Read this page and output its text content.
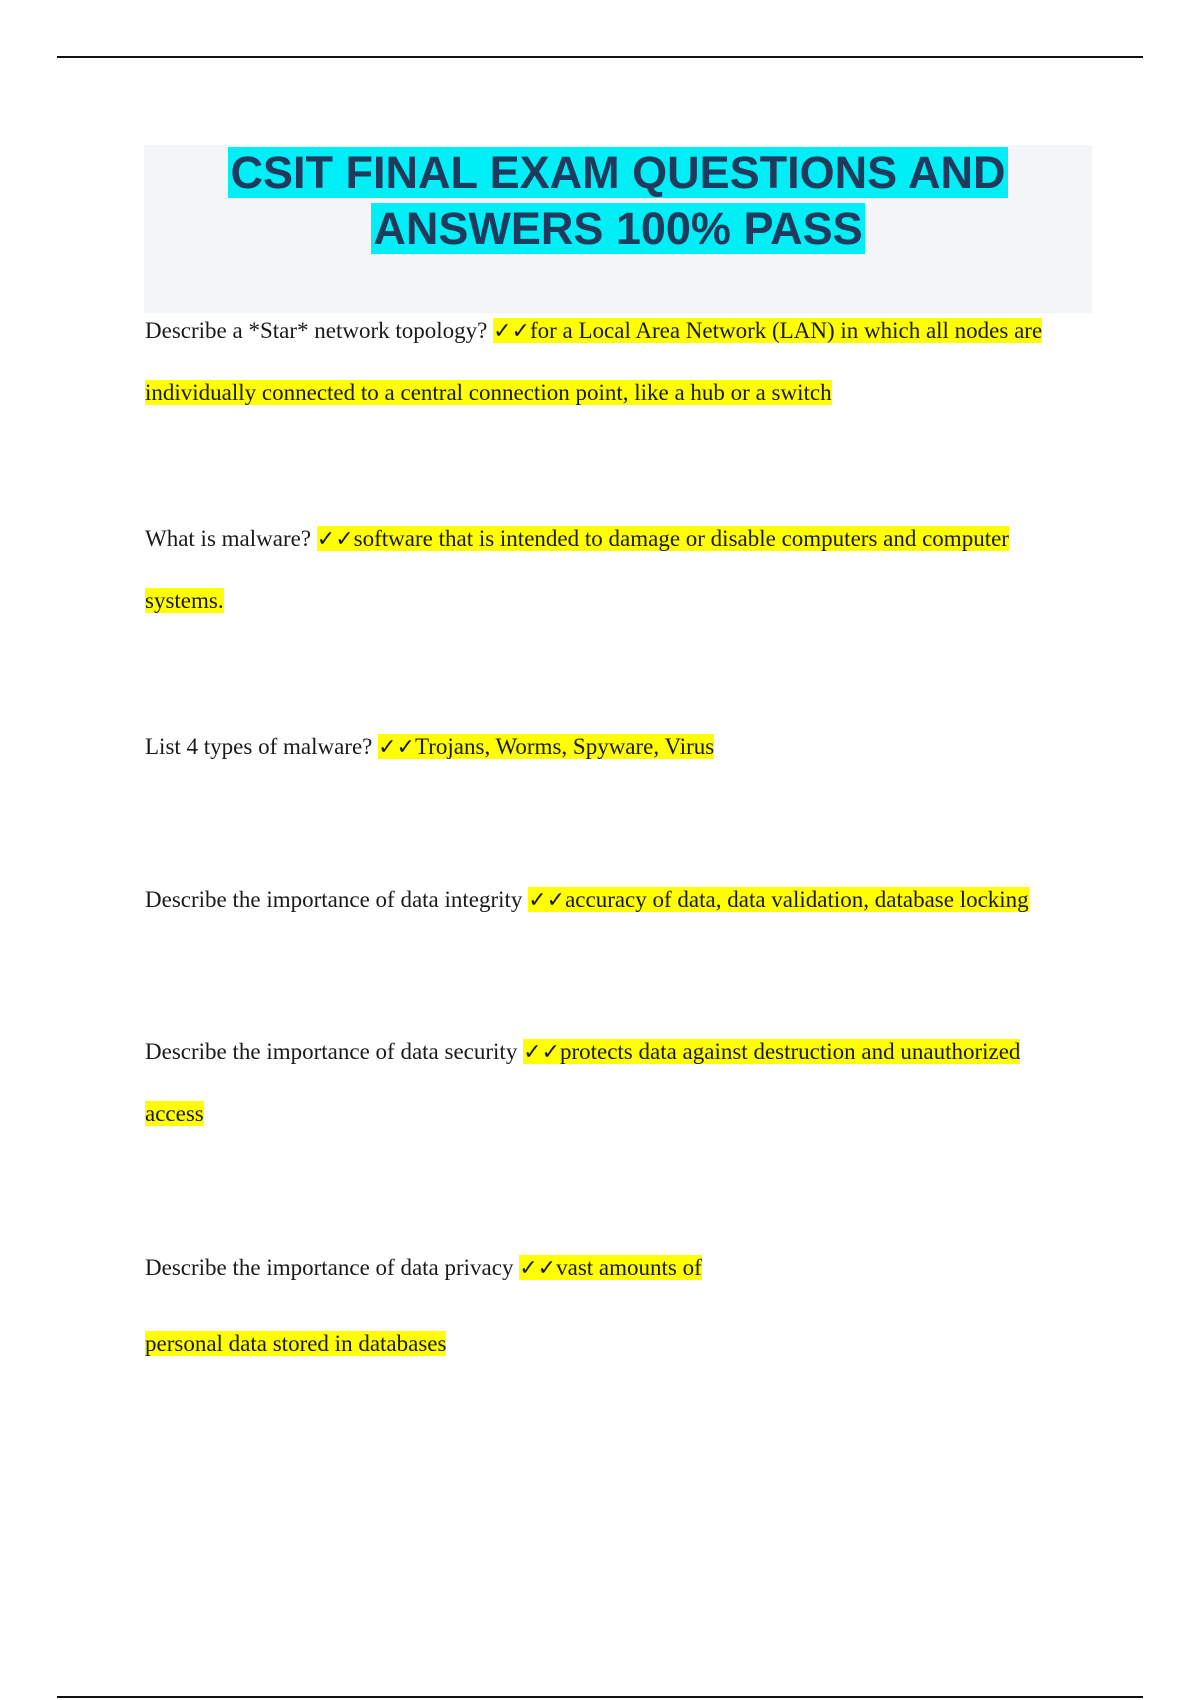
CSIT FINAL EXAM QUESTIONS AND ANSWERS 100% PASS

Describe a *Star* network topology? ✓✓for a Local Area Network (LAN) in which all nodes are individually connected to a central connection point, like a hub or a switch

What is malware? ✓✓software that is intended to damage or disable computers and computer systems.

List 4 types of malware? ✓✓Trojans, Worms, Spyware, Virus

Describe the importance of data integrity ✓✓accuracy of data, data validation, database locking

Describe the importance of data security ✓✓protects data against destruction and unauthorized access

Describe the importance of data privacy ✓✓vast amounts of
personal data stored in databases
